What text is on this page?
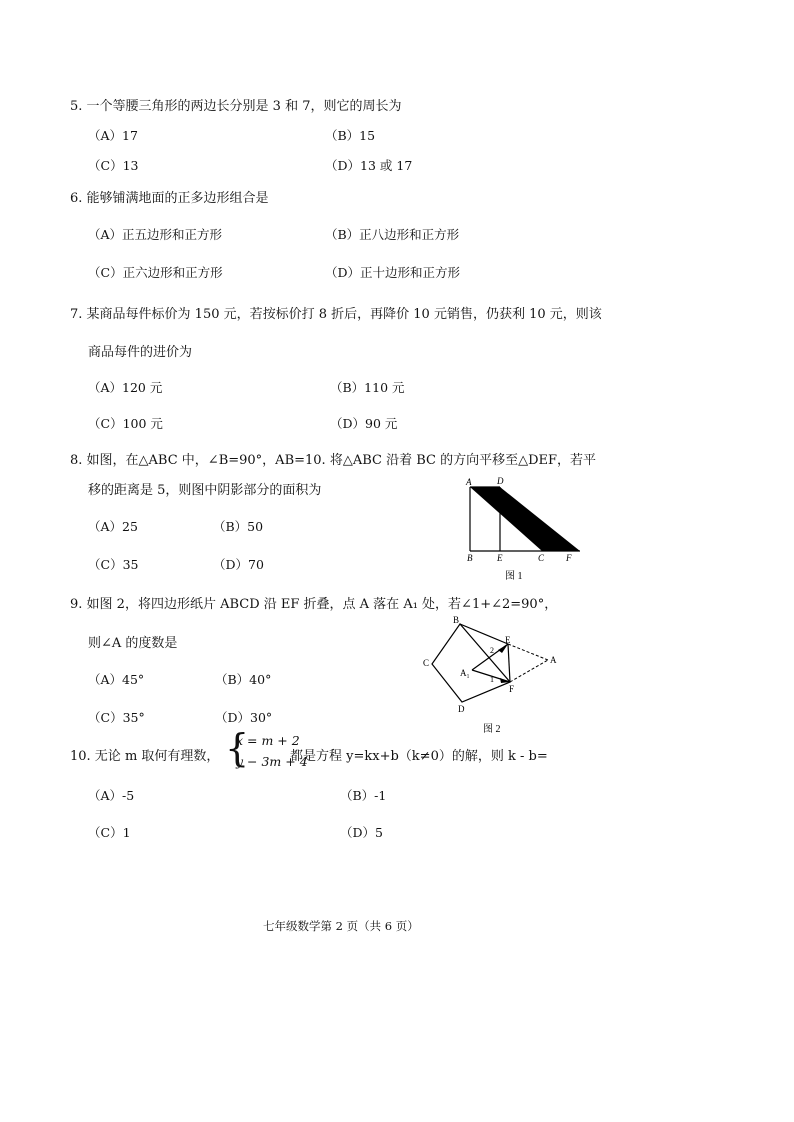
5. 一个等腰三角形的两边长分别是 3 和 7，则它的周长为
（A）17	（B）15
（C）13	（D）13 或 17
6. 能够铺满地面的正多边形组合是
（A）正五边形和正方形	（B）正八边形和正方形
（C）正六边形和正方形	（D）正十边形和正方形
7. 某商品每件标价为 150 元，若按标价打 8 折后，再降价 10 元销售，仍获利 10 元，则该
商品每件的进价为
（A）120 元	（B）110 元
（C）100 元	（D）90 元
8. 如图，在△ABC 中，∠B=90°，AB=10. 将△ABC 沿着 BC 的方向平移至△DEF，若平
移的距离是 5，则图中阴影部分的面积为
（A）25	（B）50
（C）35	（D）70
A	D
B	E	C F
图 1
9. 如图 2，将四边形纸片 ABCD 沿 EF 折叠，点 A 落在 A₁ 处，若∠1+∠2=90°，
则∠A 的度数是
（A）45°	（B）40°
（C）35°	（D）30°
B
C
D
E
F
A
A₁
2
1
图 2
10. 无论 m 取何有理数， {
x = m + 2
y − 3m + 4
都是方程 y=kx+b（k≠0）的解，则 k - b=
（A）-5	（B）-1
（C）1	（D）5
七年级数学第 2 页（共 6 页）
